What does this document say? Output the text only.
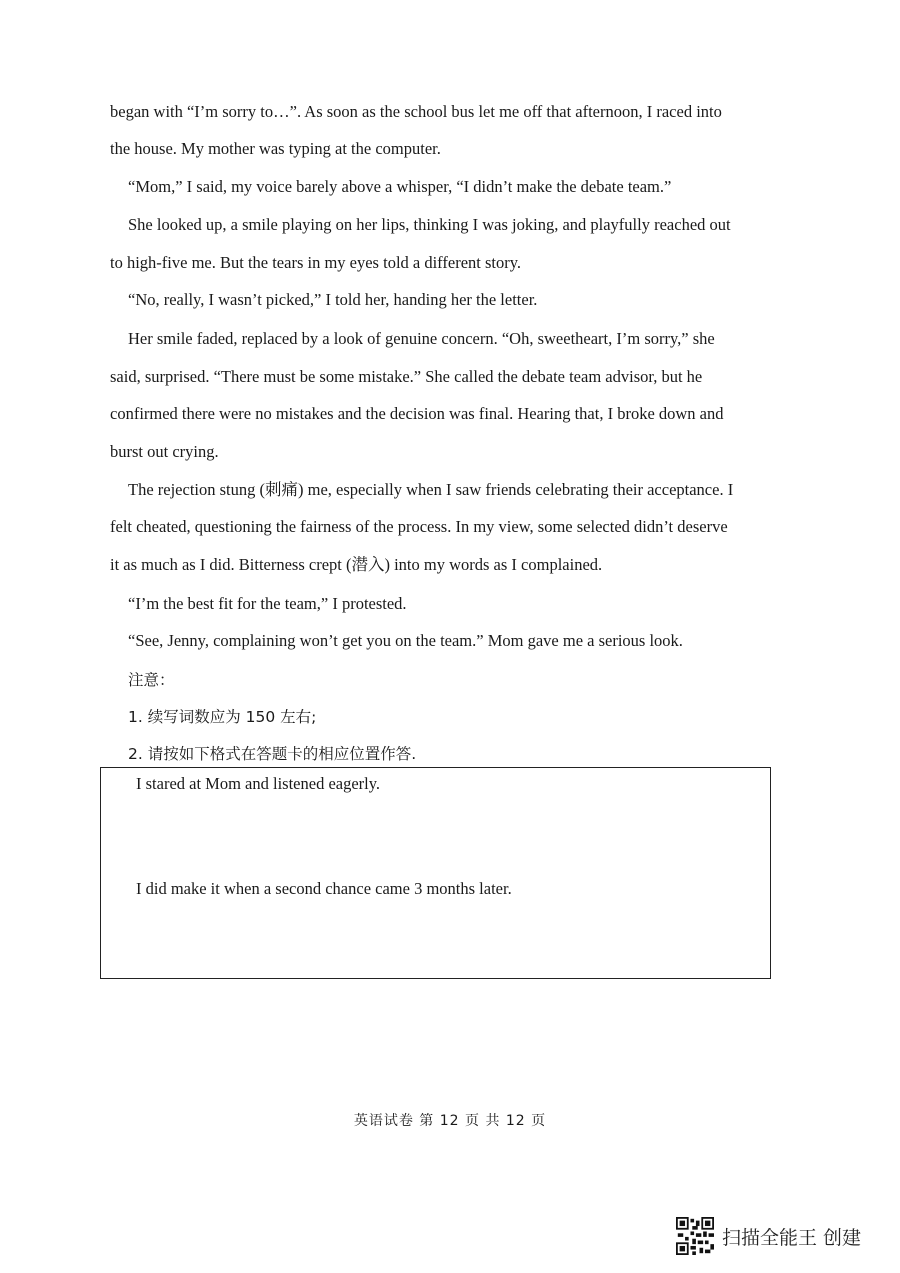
began with “I’m sorry to…”. As soon as the school bus let me off that afternoon, I raced into
the house. My mother was typing at the computer.
“Mom,” I said, my voice barely above a whisper, “I didn’t make the debate team.”
She looked up, a smile playing on her lips, thinking I was joking, and playfully reached out
to high-five me. But the tears in my eyes told a different story.
“No, really, I wasn’t picked,” I told her, handing her the letter.
Her smile faded, replaced by a look of genuine concern. “Oh, sweetheart, I’m sorry,” she
said, surprised. “There must be some mistake.” She called the debate team advisor, but he
confirmed there were no mistakes and the decision was final. Hearing that, I broke down and
burst out crying.
The rejection stung (刺痛) me, especially when I saw friends celebrating their acceptance. I
felt cheated, questioning the fairness of the process. In my view, some selected didn’t deserve
it as much as I did. Bitterness crept (潜入) into my words as I complained.
“I’m the best fit for the team,” I protested.
“See, Jenny, complaining won’t get you on the team.” Mom gave me a serious look.
注意：
1. 续写词数应为 150 左右;
2. 请按如下格式在答题卡的相应位置作答.
I stared at Mom and listened eagerly.
I did make it when a second chance came 3 months later.
英语试卷 第 12 页 共 12 页
扫描全能王 创建
